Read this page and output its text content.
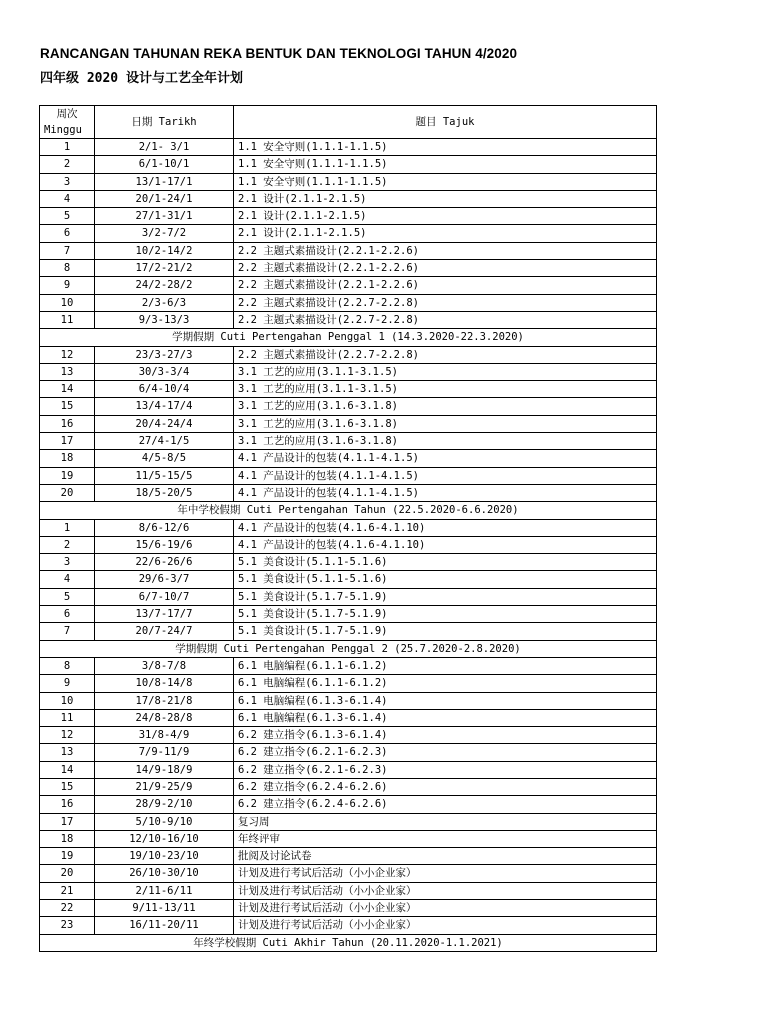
RANCANGAN TAHUNAN REKA BENTUK DAN TEKNOLOGI TAHUN 4/2020
四年级 2020 设计与工艺全年计划
周次
Minggu	日期 Tarikh	题目 Tajuk
1	2/1- 3/1	1.1 安全守则(1.1.1-1.1.5)
2	6/1-10/1	1.1 安全守则(1.1.1-1.1.5)
3	13/1-17/1	1.1 安全守则(1.1.1-1.1.5)
4	20/1-24/1	2.1 设计(2.1.1-2.1.5)
5	27/1-31/1	2.1 设计(2.1.1-2.1.5)
6	3/2-7/2	2.1 设计(2.1.1-2.1.5)
7	10/2-14/2	2.2 主题式素描设计(2.2.1-2.2.6)
8	17/2-21/2	2.2 主题式素描设计(2.2.1-2.2.6)
9	24/2-28/2	2.2 主题式素描设计(2.2.1-2.2.6)
10	2/3-6/3	2.2 主题式素描设计(2.2.7-2.2.8)
11	9/3-13/3	2.2 主题式素描设计(2.2.7-2.2.8)
学期假期 Cuti Pertengahan Penggal 1 (14.3.2020-22.3.2020)		
12	23/3-27/3	2.2 主题式素描设计(2.2.7-2.2.8)
13	30/3-3/4	3.1 工艺的应用(3.1.1-3.1.5)
14	6/4-10/4	3.1 工艺的应用(3.1.1-3.1.5)
15	13/4-17/4	3.1 工艺的应用(3.1.6-3.1.8)
16	20/4-24/4	3.1 工艺的应用(3.1.6-3.1.8)
17	27/4-1/5	3.1 工艺的应用(3.1.6-3.1.8)
18	4/5-8/5	4.1 产品设计的包装(4.1.1-4.1.5)
19	11/5-15/5	4.1 产品设计的包装(4.1.1-4.1.5)
20	18/5-20/5	4.1 产品设计的包装(4.1.1-4.1.5)
年中学校假期 Cuti Pertengahan Tahun (22.5.2020-6.6.2020)		
1	8/6-12/6	4.1 产品设计的包装(4.1.6-4.1.10)
2	15/6-19/6	4.1 产品设计的包装(4.1.6-4.1.10)
3	22/6-26/6	5.1 美食设计(5.1.1-5.1.6)
4	29/6-3/7	5.1 美食设计(5.1.1-5.1.6)
5	6/7-10/7	5.1 美食设计(5.1.7-5.1.9)
6	13/7-17/7	5.1 美食设计(5.1.7-5.1.9)
7	20/7-24/7	5.1 美食设计(5.1.7-5.1.9)
学期假期 Cuti Pertengahan Penggal 2 (25.7.2020-2.8.2020)		
8	3/8-7/8	6.1 电脑编程(6.1.1-6.1.2)
9	10/8-14/8	6.1 电脑编程(6.1.1-6.1.2)
10	17/8-21/8	6.1 电脑编程(6.1.3-6.1.4)
11	24/8-28/8	6.1 电脑编程(6.1.3-6.1.4)
12	31/8-4/9	6.2 建立指令(6.1.3-6.1.4)
13	7/9-11/9	6.2 建立指令(6.2.1-6.2.3)
14	14/9-18/9	6.2 建立指令(6.2.1-6.2.3)
15	21/9-25/9	6.2 建立指令(6.2.4-6.2.6)
16	28/9-2/10	6.2 建立指令(6.2.4-6.2.6)
17	5/10-9/10	复习周
18	12/10-16/10	年终评审
19	19/10-23/10	批阅及讨论试卷
20	26/10-30/10	计划及进行考试后活动（小小企业家）
21	2/11-6/11	计划及进行考试后活动（小小企业家）
22	9/11-13/11	计划及进行考试后活动（小小企业家）
23	16/11-20/11	计划及进行考试后活动（小小企业家）
年终学校假期 Cuti Akhir Tahun (20.11.2020-1.1.2021)		
